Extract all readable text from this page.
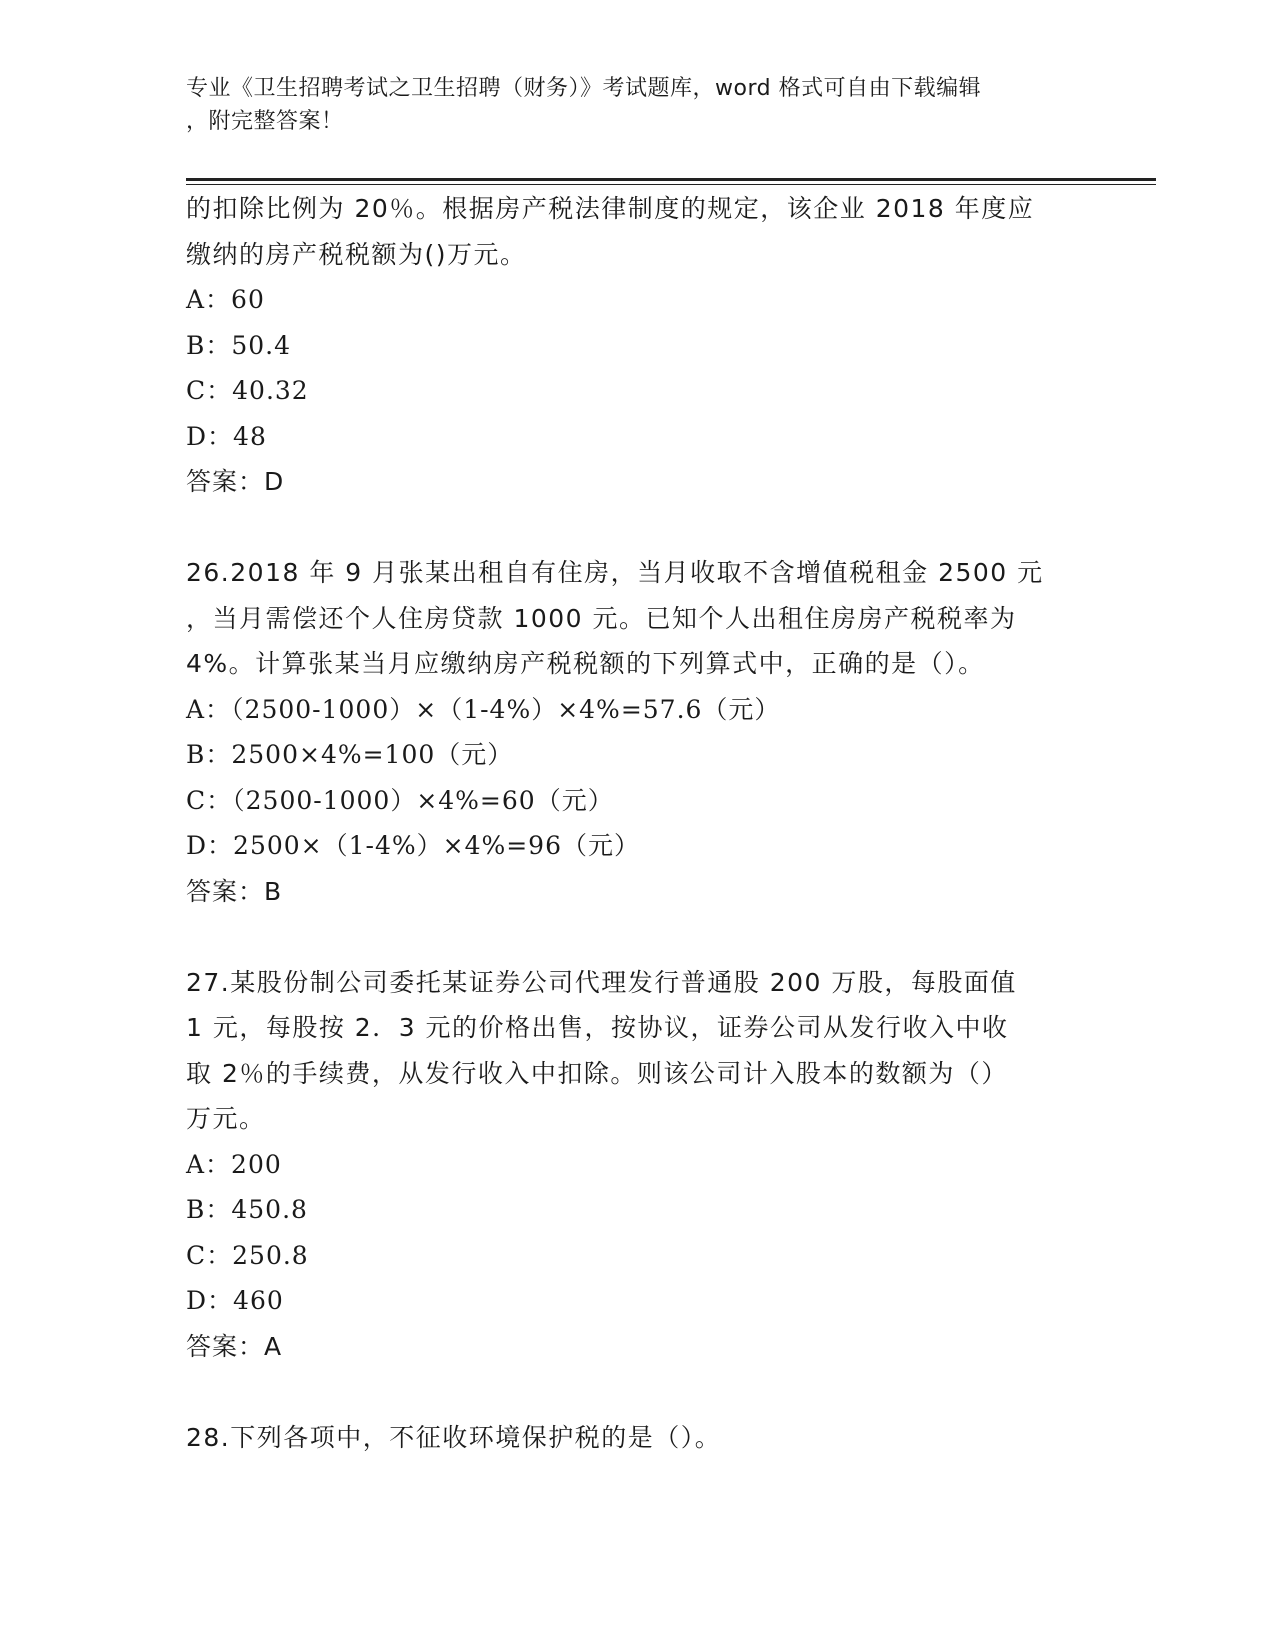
专业《卫生招聘考试之卫生招聘（财务）》考试题库，word 格式可自由下载编辑
，附完整答案！
的扣除比例为 20％。根据房产税法律制度的规定，该企业 2018 年度应
缴纳的房产税税额为()万元。
A：60
B：50.4
C：40.32
D：48
答案：D
26.2018 年 9 月张某出租自有住房，当月收取不含增值税租金 2500 元
，当月需偿还个人住房贷款 1000 元。已知个人出租住房房产税税率为
4%。计算张某当月应缴纳房产税税额的下列算式中，正确的是（）。
A：（2500-1000）×（1-4%）×4%=57.6（元）
B：2500×4%=100（元）
C：（2500-1000）×4%=60（元）
D：2500×（1-4%）×4%=96（元）
答案：B
27.某股份制公司委托某证券公司代理发行普通股 200 万股，每股面值
1 元，每股按 2．3 元的价格出售，按协议，证券公司从发行收入中收
取 2％的手续费，从发行收入中扣除。则该公司计入股本的数额为（）
万元。
A：200
B：450.8
C：250.8
D：460
答案：A
28.下列各项中，不征收环境保护税的是（）。
